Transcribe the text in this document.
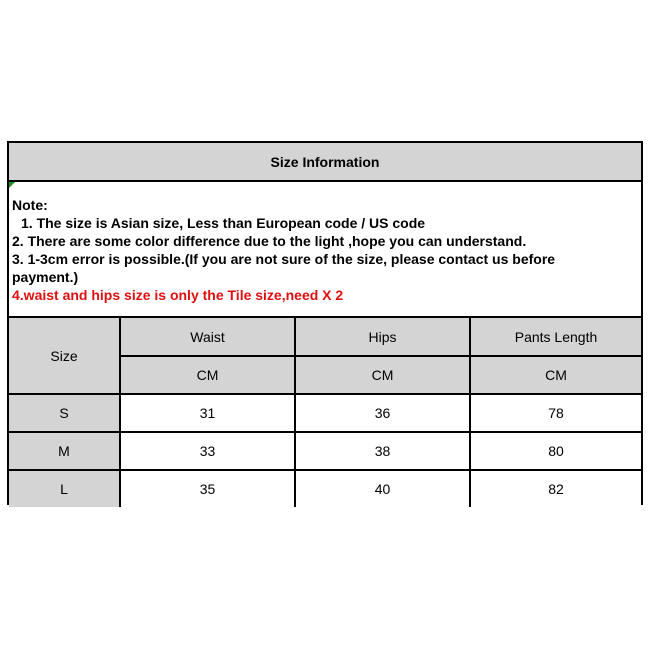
Size Information
Note:
1. The size is Asian size, Less than European code / US code
2. There are some color difference due to the light ,hope you can understand.
3. 1-3cm error is possible.(If you are not sure of the size, please contact us before
payment.)
4.waist and hips size is only the Tile size,need X 2
Size	Waist	Hips	Pants Length
	CM	CM	CM
S	31	36	78
M	33	38	80
L	35	40	82
